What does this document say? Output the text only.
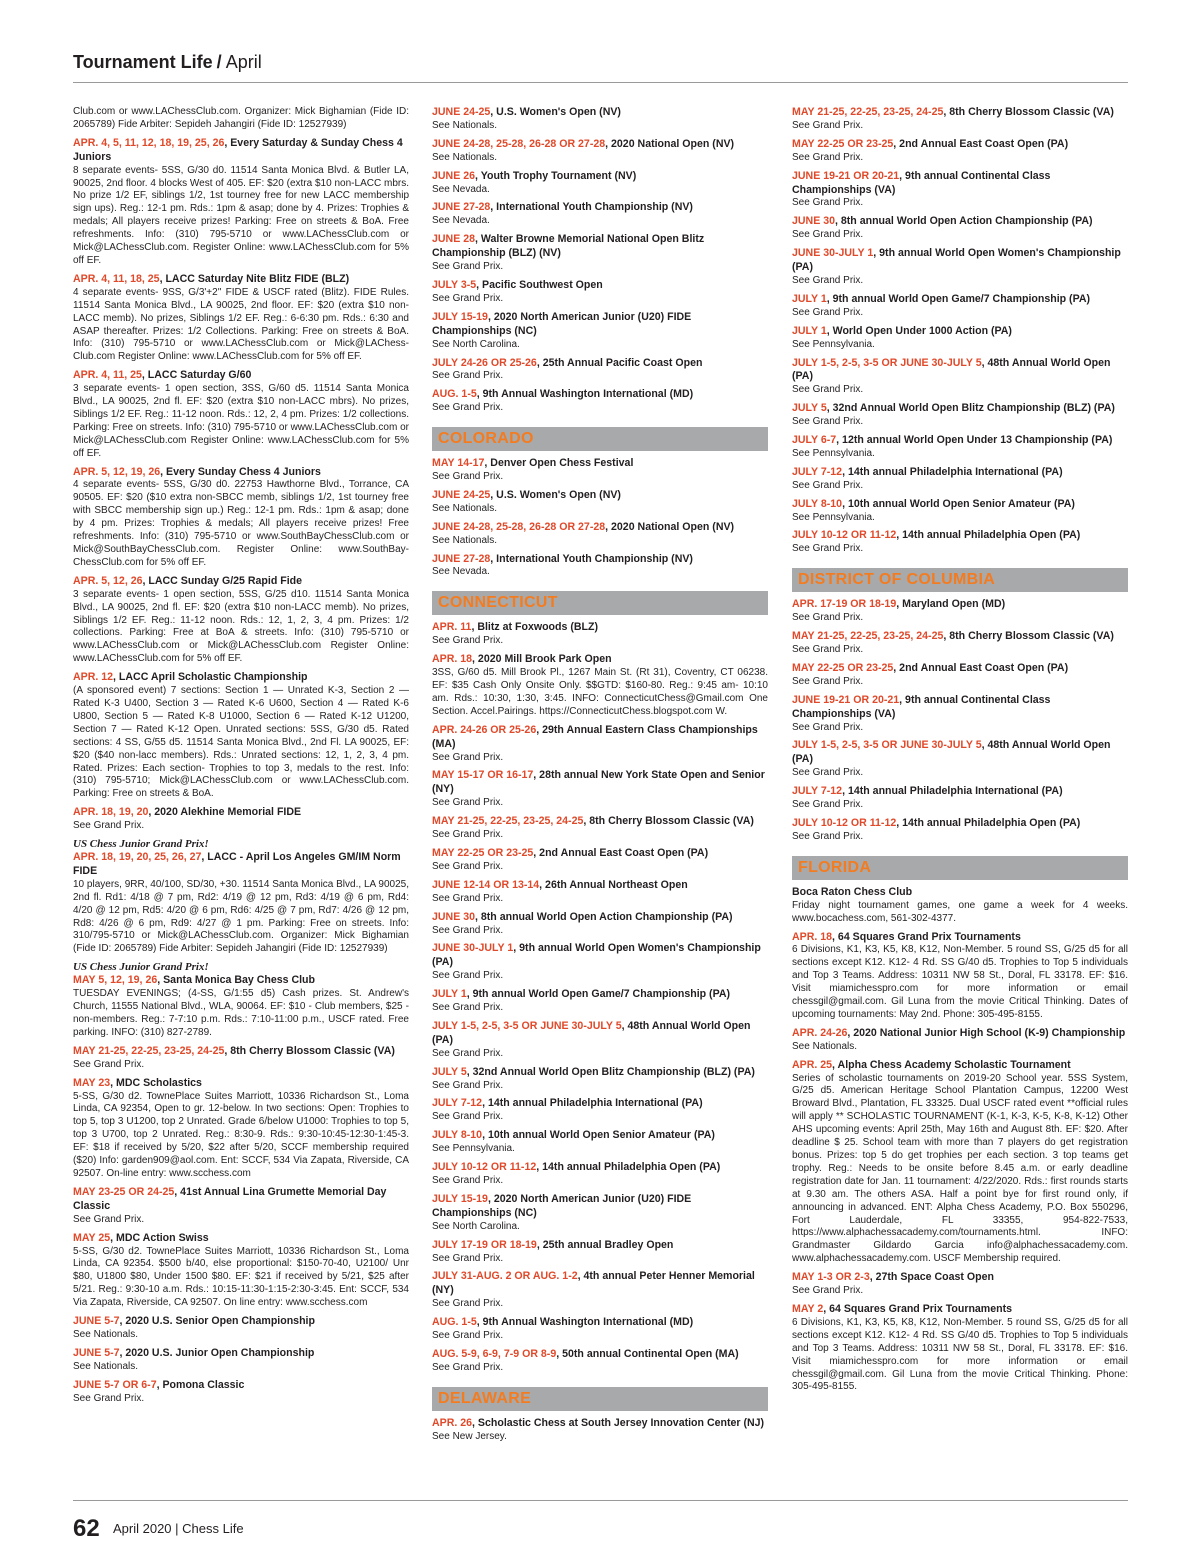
Tournament Life / April
Club.com or www.LAChessClub.com. Organizer: Mick Bighamian (Fide ID: 2065789) Fide Arbiter: Sepideh Jahangiri (Fide ID: 12527939)
APR. 4, 5, 11, 12, 18, 19, 25, 26, Every Saturday & Sunday Chess 4 Juniors
8 separate events- 5SS, G/30 d0. 11514 Santa Monica Blvd. & Butler LA, 90025, 2nd floor. 4 blocks West of 405. EF: $20 (extra $10 non-LACC mbrs. No prize 1/2 EF, siblings 1/2, 1st tourney free for new LACC membership sign ups). Reg.: 12-1 pm. Rds.: 1pm & asap; done by 4. Prizes: Trophies & medals; All players receive prizes! Parking: Free on streets & BoA. Free refreshments. Info: (310) 795-5710 or www.LAChessClub.com or Mick@LAChessClub.com. Register Online: www.LAChessClub.com for 5% off EF.
APR. 4, 11, 18, 25, LACC Saturday Nite Blitz FIDE (BLZ)
4 separate events- 9SS, G/3'+2'' FIDE & USCF rated (Blitz). FIDE Rules. 11514 Santa Monica Blvd., LA 90025, 2nd floor. EF: $20 (extra $10 non-LACC memb). No prizes, Siblings 1/2 EF. Reg.: 6-6:30 pm. Rds.: 6:30 and ASAP thereafter. Prizes: 1/2 Collections. Parking: Free on streets & BoA. Info: (310) 795-5710 or www.LAChessClub.com or Mick@LAChess-Club.com Register Online: www.LAChessClub.com for 5% off EF.
APR. 4, 11, 25, LACC Saturday G/60
3 separate events- 1 open section, 3SS, G/60 d5. 11514 Santa Monica Blvd., LA 90025, 2nd fl. EF: $20 (extra $10 non-LACC mbrs). No prizes, Siblings 1/2 EF. Reg.: 11-12 noon. Rds.: 12, 2, 4 pm. Prizes: 1/2 collections. Parking: Free on streets. Info: (310) 795-5710 or www.LAChessClub.com or Mick@LAChessClub.com Register Online: www.LAChessClub.com for 5% off EF.
APR. 5, 12, 19, 26, Every Sunday Chess 4 Juniors
4 separate events- 5SS, G/30 d0. 22753 Hawthorne Blvd., Torrance, CA 90505. EF: $20 ($10 extra non-SBCC memb, siblings 1/2, 1st tourney free with SBCC membership sign up.) Reg.: 12-1 pm. Rds.: 1pm & asap; done by 4 pm. Prizes: Trophies & medals; All players receive prizes! Free refreshments. Info: (310) 795-5710 or www.SouthBayChessClub.com or Mick@SouthBayChessClub.com. Register Online: www.SouthBay-ChessClub.com for 5% off EF.
APR. 5, 12, 26, LACC Sunday G/25 Rapid Fide
3 separate events- 1 open section, 5SS, G/25 d10. 11514 Santa Monica Blvd., LA 90025, 2nd fl. EF: $20 (extra $10 non-LACC memb). No prizes, Siblings 1/2 EF. Reg.: 11-12 noon. Rds.: 12, 1, 2, 3, 4 pm. Prizes: 1/2 collections. Parking: Free at BoA & streets. Info: (310) 795-5710 or www.LAChessClub.com or Mick@LAChessClub.com Register Online: www.LAChessClub.com for 5% off EF.
APR. 12, LACC April Scholastic Championship
(A sponsored event) 7 sections: Section 1 — Unrated K-3, Section 2 — Rated K-3 U400, Section 3 — Rated K-6 U600, Section 4 — Rated K-6 U800, Section 5 — Rated K-8 U1000, Section 6 — Rated K-12 U1200, Section 7 — Rated K-12 Open. Unrated sections: 5SS, G/30 d5. Rated sections: 4 SS, G/55 d5. 11514 Santa Monica Blvd., 2nd Fl. LA 90025, EF: $20 ($40 non-lacc members). Rds.: Unrated sections: 12, 1, 2, 3, 4 pm. Rated. Prizes: Each section- Trophies to top 3, medals to the rest. Info: (310) 795-5710; Mick@LAChessClub.com or www.LAChessClub.com. Parking: Free on streets & BoA.
APR. 18, 19, 20, 2020 Alekhine Memorial FIDE
See Grand Prix.
US Chess Junior Grand Prix!
APR. 18, 19, 20, 25, 26, 27, LACC - April Los Angeles GM/IM Norm FIDE
10 players, 9RR, 40/100, SD/30, +30. 11514 Santa Monica Blvd., LA 90025, 2nd fl. Rd1: 4/18 @ 7 pm, Rd2: 4/19 @ 12 pm, Rd3: 4/19 @ 6 pm, Rd4: 4/20 @ 12 pm, Rd5: 4/20 @ 6 pm, Rd6: 4/25 @ 7 pm, Rd7: 4/26 @ 12 pm, Rd8: 4/26 @ 6 pm, Rd9: 4/27 @ 1 pm. Parking: Free on streets. Info: 310/795-5710 or Mick@LAChessClub.com. Organizer: Mick Bighamian (Fide ID: 2065789) Fide Arbiter: Sepideh Jahangiri (Fide ID: 12527939)
US Chess Junior Grand Prix!
MAY 5, 12, 19, 26, Santa Monica Bay Chess Club
TUESDAY EVENINGS; (4-SS, G/1:55 d5) Cash prizes. St. Andrew's Church, 11555 National Blvd., WLA, 90064. EF: $10 - Club members, $25 - non-members. Reg.: 7-7:10 p.m. Rds.: 7:10-11:00 p.m., USCF rated. Free parking. INFO: (310) 827-2789.
MAY 21-25, 22-25, 23-25, 24-25, 8th Cherry Blossom Classic (VA)
See Grand Prix.
MAY 23, MDC Scholastics
5-SS, G/30 d2. TownePlace Suites Marriott, 10336 Richardson St., Loma Linda, CA 92354, Open to gr. 12-below. In two sections: Open: Trophies to top 5, top 3 U1200, top 2 Unrated. Grade 6/below U1000: Trophies to top 5, top 3 U700, top 2 Unrated. Reg.: 8:30-9. Rds.: 9:30-10:45-12:30-1:45-3. EF: $18 if received by 5/20, $22 after 5/20, SCCF membership required ($20) Info: garden909@aol.com. Ent: SCCF, 534 Via Zapata, Riverside, CA 92507. On-line entry: www.scchess.com
MAY 23-25 OR 24-25, 41st Annual Lina Grumette Memorial Day Classic
See Grand Prix.
MAY 25, MDC Action Swiss
5-SS, G/30 d2. TownePlace Suites Marriott, 10336 Richardson St., Loma Linda, CA 92354. $500 b/40, else proportional: $150-70-40, U2100/ Unr $80, U1800 $80, Under 1500 $80. EF: $21 if received by 5/21, $25 after 5/21. Reg.: 9:30-10 a.m. Rds.: 10:15-11:30-1:15-2:30-3:45. Ent: SCCF, 534 Via Zapata, Riverside, CA 92507. On line entry: www.scchess.com
JUNE 5-7, 2020 U.S. Senior Open Championship
See Nationals.
JUNE 5-7, 2020 U.S. Junior Open Championship
See Nationals.
JUNE 5-7 OR 6-7, Pomona Classic
See Grand Prix.
JUNE 24-25, U.S. Women's Open (NV)
See Nationals.
JUNE 24-28, 25-28, 26-28 OR 27-28, 2020 National Open (NV)
See Nationals.
JUNE 26, Youth Trophy Tournament (NV)
See Nevada.
JUNE 27-28, International Youth Championship (NV)
See Nevada.
JUNE 28, Walter Browne Memorial National Open Blitz Championship (BLZ) (NV)
See Grand Prix.
JULY 3-5, Pacific Southwest Open
See Grand Prix.
JULY 15-19, 2020 North American Junior (U20) FIDE Championships (NC)
See North Carolina.
JULY 24-26 OR 25-26, 25th Annual Pacific Coast Open
See Grand Prix.
AUG. 1-5, 9th Annual Washington International (MD)
See Grand Prix.
COLORADO
MAY 14-17, Denver Open Chess Festival
See Grand Prix.
JUNE 24-25, U.S. Women's Open (NV)
See Nationals.
JUNE 24-28, 25-28, 26-28 OR 27-28, 2020 National Open (NV)
See Nationals.
JUNE 27-28, International Youth Championship (NV)
See Nevada.
CONNECTICUT
APR. 11, Blitz at Foxwoods (BLZ)
See Grand Prix.
APR. 18, 2020 Mill Brook Park Open
3SS, G/60 d5. Mill Brook Pl., 1267 Main St. (Rt 31), Coventry, CT 06238. EF: $35 Cash Only Onsite Only. $$GTD: $160-80. Reg.: 9:45 am- 10:10 am. Rds.: 10:30, 1:30, 3:45. INFO: ConnecticutChess@Gmail.com One Section. Accel.Pairings. https://ConnecticutChess.blogspot.com W.
APR. 24-26 OR 25-26, 29th Annual Eastern Class Championships (MA)
See Grand Prix.
MAY 15-17 OR 16-17, 28th annual New York State Open and Senior (NY)
See Grand Prix.
MAY 21-25, 22-25, 23-25, 24-25, 8th Cherry Blossom Classic (VA)
See Grand Prix.
MAY 22-25 OR 23-25, 2nd Annual East Coast Open (PA)
See Grand Prix.
JUNE 12-14 OR 13-14, 26th Annual Northeast Open
See Grand Prix.
JUNE 30, 8th annual World Open Action Championship (PA)
See Grand Prix.
JUNE 30-JULY 1, 9th annual World Open Women's Championship (PA)
See Grand Prix.
JULY 1, 9th annual World Open Game/7 Championship (PA)
See Grand Prix.
JULY 1-5, 2-5, 3-5 OR JUNE 30-JULY 5, 48th Annual World Open (PA)
See Grand Prix.
JULY 5, 32nd Annual World Open Blitz Championship (BLZ) (PA)
See Grand Prix.
JULY 7-12, 14th annual Philadelphia International (PA)
See Grand Prix.
JULY 8-10, 10th annual World Open Senior Amateur (PA)
See Pennsylvania.
JULY 10-12 OR 11-12, 14th annual Philadelphia Open (PA)
See Grand Prix.
JULY 15-19, 2020 North American Junior (U20) FIDE Championships (NC)
See North Carolina.
JULY 17-19 OR 18-19, 25th annual Bradley Open
See Grand Prix.
JULY 31-AUG. 2 OR AUG. 1-2, 4th annual Peter Henner Memorial (NY)
See Grand Prix.
AUG. 1-5, 9th Annual Washington International (MD)
See Grand Prix.
AUG. 5-9, 6-9, 7-9 OR 8-9, 50th annual Continental Open (MA)
See Grand Prix.
DELAWARE
APR. 26, Scholastic Chess at South Jersey Innovation Center (NJ)
See New Jersey.
MAY 21-25, 22-25, 23-25, 24-25, 8th Cherry Blossom Classic (VA)
See Grand Prix.
MAY 22-25 OR 23-25, 2nd Annual East Coast Open (PA)
See Grand Prix.
JUNE 19-21 OR 20-21, 9th annual Continental Class Championships (VA)
See Grand Prix.
JUNE 30, 8th annual World Open Action Championship (PA)
See Grand Prix.
JUNE 30-JULY 1, 9th annual World Open Women's Championship (PA)
See Grand Prix.
JULY 1, 9th annual World Open Game/7 Championship (PA)
See Grand Prix.
JULY 1, World Open Under 1000 Action (PA)
See Pennsylvania.
JULY 1-5, 2-5, 3-5 OR JUNE 30-JULY 5, 48th Annual World Open (PA)
See Grand Prix.
JULY 5, 32nd Annual World Open Blitz Championship (BLZ) (PA)
See Grand Prix.
JULY 6-7, 12th annual World Open Under 13 Championship (PA)
See Pennsylvania.
JULY 7-12, 14th annual Philadelphia International (PA)
See Grand Prix.
JULY 8-10, 10th annual World Open Senior Amateur (PA)
See Pennsylvania.
JULY 10-12 OR 11-12, 14th annual Philadelphia Open (PA)
See Grand Prix.
DISTRICT OF COLUMBIA
APR. 17-19 OR 18-19, Maryland Open (MD)
See Grand Prix.
MAY 21-25, 22-25, 23-25, 24-25, 8th Cherry Blossom Classic (VA)
See Grand Prix.
MAY 22-25 OR 23-25, 2nd Annual East Coast Open (PA)
See Grand Prix.
JUNE 19-21 OR 20-21, 9th annual Continental Class Championships (VA)
See Grand Prix.
JULY 1-5, 2-5, 3-5 OR JUNE 30-JULY 5, 48th Annual World Open (PA)
See Grand Prix.
JULY 7-12, 14th annual Philadelphia International (PA)
See Grand Prix.
JULY 10-12 OR 11-12, 14th annual Philadelphia Open (PA)
See Grand Prix.
FLORIDA
Boca Raton Chess Club
Friday night tournament games, one game a week for 4 weeks. www.bocachess.com, 561-302-4377.
APR. 18, 64 Squares Grand Prix Tournaments
6 Divisions, K1, K3, K5, K8, K12, Non-Member. 5 round SS, G/25 d5 for all sections except K12. K12- 4 Rd. SS G/40 d5. Trophies to Top 5 individuals and Top 3 Teams. Address: 10311 NW 58 St., Doral, FL 33178. EF: $16. Visit miamichesspro.com for more information or email chessgil@gmail.com. Gil Luna from the movie Critical Thinking. Dates of upcoming tournaments: May 2nd. Phone: 305-495-8155.
APR. 24-26, 2020 National Junior High School (K-9) Championship
See Nationals.
APR. 25, Alpha Chess Academy Scholastic Tournament
Series of scholastic tournaments on 2019-20 School year. 5SS System, G/25 d5. American Heritage School Plantation Campus, 12200 West Broward Blvd., Plantation, FL 33325. Dual USCF rated event **official rules will apply ** SCHOLASTIC TOURNAMENT (K-1, K-3, K-5, K-8, K-12) Other AHS upcoming events: April 25th, May 16th and August 8th. EF: $20. After deadline $ 25. School team with more than 7 players do get registration bonus. Prizes: top 5 do get trophies per each section. 3 top teams get trophy. Reg.: Needs to be onsite before 8.45 a.m. or early deadline registration date for Jan. 11 tournament: 4/22/2020. Rds.: first rounds starts at 9.30 am. The others ASA. Half a point bye for first round only, if announcing in advanced. ENT: Alpha Chess Academy, P.O. Box 550296, Fort Lauderdale, FL 33355, 954-822-7533, https://www.alphachessacademy.com/tournaments.html. INFO: Grandmaster Gildardo Garcia info@alphachessacademy.com. www.alphachessacademy.com. USCF Membership required.
MAY 1-3 OR 2-3, 27th Space Coast Open
See Grand Prix.
MAY 2, 64 Squares Grand Prix Tournaments
6 Divisions, K1, K3, K5, K8, K12, Non-Member. 5 round SS, G/25 d5 for all sections except K12. K12- 4 Rd. SS G/40 d5. Trophies to Top 5 individuals and Top 3 Teams. Address: 10311 NW 58 St., Doral, FL 33178. EF: $16. Visit miamichesspro.com for more information or email chessgil@gmail.com. Gil Luna from the movie Critical Thinking. Phone: 305-495-8155.
62 April 2020 | Chess Life
